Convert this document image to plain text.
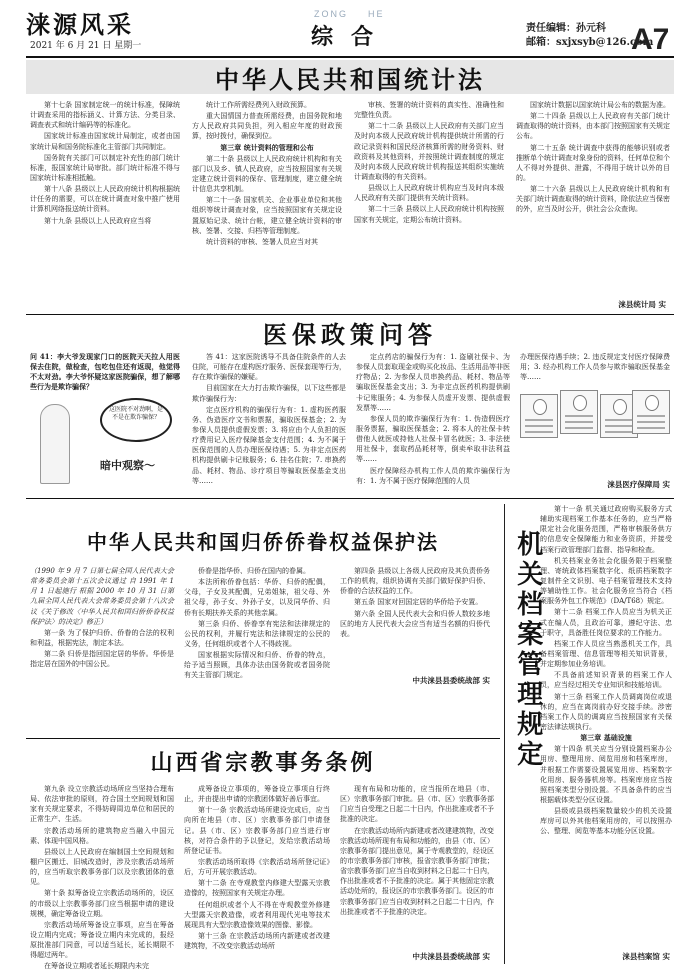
涞源风采
2021 年 6 月 21 日 星期一
ZONG HE
综合	责任编辑：孙元科
邮箱：sxjxsyb@126.com
A7
中华人民共和国统计法

第十七条 国家制定统一的统计标准，保障统计调查采用的指标涵义、计算方法、分类目录、调查表式和统计编码等的标准化。

国家统计标准由国家统计局制定，或者由国家统计局和国务院标准化主管部门共同制定。

国务院有关部门可以制定补充性的部门统计标准，报国家统计局审批。部门统计标准不得与国家统计标准相抵触。

第十八条 县级以上人民政府统计机构根据统计任务的需要，可以在统计调查对象中推广使用计算机网络报送统计资料。

第十九条 县级以上人民政府应当将

统计工作所需经费列入财政预算。

重大国情国力普查所需经费，由国务院和地方人民政府共同负担，列入相应年度的财政预算，按时拨付，确保到位。

第三章 统计资料的管理和公布

第二十条 县级以上人民政府统计机构和有关部门以及乡、镇人民政府，应当按照国家有关规定建立统计资料的保存、管理制度，建立健全统计信息共享机制。

第二十一条 国家机关、企业事业单位和其他组织等统计调查对象，应当按照国家有关规定设置原始记录、统计台帐，建立健全统计资料的审核、签署、交接、归档等管理制度。

统计资料的审核、签署人员应当对其

审核、签署的统计资料的真实性、准确性和完整性负责。

第二十二条 县级以上人民政府有关部门应当及时向本级人民政府统计机构提供统计所需的行政记录资料和国民经济核算所需的财务资料、财政资料及其他资料，并按照统计调查制度的规定及时向本级人民政府统计机构报送其组织实施统计调查取得的有关资料。

县级以上人民政府统计机构应当及时向本级人民政府有关部门提供有关统计资料。

第二十三条 县级以上人民政府统计机构按照国家有关规定，定期公布统计资料。

国家统计数据以国家统计局公布的数据为准。

第二十四条 县级以上人民政府有关部门统计调查取得的统计资料，由本部门按照国家有关规定公布。

第二十五条 统计调查中获得的能够识别或者推断单个统计调查对象身份的资料，任何单位和个人不得对外提供、泄露，不得用于统计以外的目的。

第二十六条 县级以上人民政府统计机构和有关部门统计调查取得的统计资料，除依法应当保密的外，应当及时公开，供社会公众查询。

涞县统计局 实
医保政策问答

问 41：李大爷发现家门口的医院天天拉人用医保去住院，做检查，包吃包住还有返现，他觉得不太对劲。李大爷怀疑这家医院骗保，想了解哪些行为是欺诈骗保？

这医院不对劲啊，是不是在欺诈骗保？
暗中观察～

答 41：这家医院诱导不具备住院条件的人去住院，可能存在虚构医疗服务、医保套现等行为，存在欺诈骗保的嫌疑。

目前国家在大力打击欺诈骗保，以下这些都是欺诈骗保行为：

定点医疗机构的骗保行为有：1. 虚构医药服务、伪造医疗文书和票据，骗取医保基金；2. 为参保人员提供虚假发票；3. 将应由个人负担的医疗费用记入医疗保障基金支付范围；4. 为不属于医保范围的人员办理医保待遇；5. 为非定点医药机构提供刷卡记账服务；6. 挂名住院；7. 串换药品、耗材、物品、诊疗项目等骗取医保基金支出等……

定点药店的骗保行为有：1. 盗刷社保卡、为参保人员套取现金或购买化妆品、生活用品等非医疗物品；2. 为参保人员串换药品、耗材、物品等骗取医保基金支出；3. 为非定点医药机构提供刷卡记账服务；4. 为参保人员虚开发票、提供虚假发票等……

参保人员的欺诈骗保行为有：1. 伪造假医疗服务票据，骗取医保基金；2. 将本人的社保卡转借他人就医或持他人社保卡冒名就医；3. 非法使用社保卡，套取药品耗材等，倒卖牟取非法利益等……

医疗保障经办机构工作人员的欺诈骗保行为有：1. 为不属于医疗保障范围的人员

办理医保待遇手续；2. 违反规定支付医疗保障费用；3. 经办机构工作人员参与欺诈骗取医保基金等……

涞县医疗保障局 实
中华人民共和国归侨侨眷权益保护法

（1990 年 9 月 7 日第七届全国人民代表大会常务委员会第十五次会议通过 自 1991 年 1 月 1 日起施行 根据 2000 年 10 月 31 日第九届全国人民代表大会常务委员会第十八次会议《关于修改〈中华人民共和国归侨侨眷权益保护法〉的决定》修正）

第一条 为了保护归侨、侨眷的合法的权利和利益，根据宪法，制定本法。

第二条 归侨是指回国定居的华侨。华侨是指定居在国外的中国公民。

侨眷是指华侨、归侨在国内的眷属。

本法所称侨眷包括：华侨、归侨的配偶，父母，子女及其配偶，兄弟姐妹，祖父母、外祖父母，孙子女、外孙子女，以及同华侨、归侨有长期扶养关系的其他亲属。

第三条 归侨、侨眷享有宪法和法律规定的公民的权利，并履行宪法和法律规定的公民的义务，任何组织或者个人不得歧视。

国家根据实际情况和归侨、侨眷的特点，给予适当照顾，具体办法由国务院或者国务院有关主管部门规定。

第四条 县级以上各级人民政府及其负责侨务工作的机构，组织协调有关部门做好保护归侨、侨眷的合法权益的工作。

第五条 国家对回国定居的华侨给予安置。

第六条 全国人民代表大会和归侨人数较多地区的地方人民代表大会应当有适当名额的归侨代表。

中共涞县县委统战部 实
山西省宗教事务条例

第九条 设立宗教活动场所应当坚持合理布局、依法审批的原则，符合国土空间规划和国家有关规定要求，不得妨碍周边单位和居民的正常生产、生活。

宗教活动场所的建筑物应当融入中国元素、体现中国风格。

县级以上人民政府在编制国土空间规划和棚户区搬迁、旧城改造时，涉及宗教活动场所的，应当听取宗教事务部门以及宗教团体的意见。

第十条 拟筹备设立宗教活动场所的，设区的市级以上宗教事务部门应当根据申请的建设规模，确定筹备设立期。

宗教活动场所筹备设立事项，应当在筹备设立期内完成；筹备设立期内未完成的，报经原批准部门同意，可以适当延长，延长期限不得超过两年。

在筹备设立期或者延长期限内未完

成筹备设立事项的，筹备设立事项自行终止，并由提出申请的宗教团体做好善后事宜。

第十一条 宗教活动场所建设完成后，应当向所在地县（市、区）宗教事务部门申请登记。县（市、区）宗教事务部门应当进行审核，对符合条件的予以登记，发给宗教活动场所登记证书。

宗教活动场所取得《宗教活动场所登记证》后，方可开展宗教活动。

第十二条 在寺观教堂内修建大型露天宗教造像的，按照国家有关规定办理。

任何组织或者个人不得在寺观教堂外修建大型露天宗教造像，或者利用现代光电等技术展现具有大型宗教造像效果的图像、影像。

第十三条 在宗教活动场所内新建或者改建建筑物，不改变宗教活动场所

现有布局和功能的，应当报所在地县（市、区）宗教事务部门审批。县（市、区）宗教事务部门应当自受理之日起二十日内，作出批准或者不予批准的决定。

在宗教活动场所内新建或者改建建筑物，改变宗教活动场所现有布局和功能的，由县（市、区）宗教事务部门提出意见，属于寺观教堂的，经设区的市宗教事务部门审核，报省宗教事务部门审批；省宗教事务部门应当自收到材料之日起二十日内，作出批准或者不予批准的决定。属于其他固定宗教活动处所的，报设区的市宗教事务部门。设区的市宗教事务部门应当自收到材料之日起二十日内，作出批准或者不予批准的决定。

中共涞县县委统战部 实
机关档案管理规定

第十一条 机关通过政府购买服务方式辅助实现档案工作基本任务的，应当严格限定社会化服务范围，严格审核服务供方的信息安全保障能力和业务资质，并接受档案行政管理部门监督、指导和检查。

机关档案业务社会化服务限于档案整理、寄统政体档案数字化、纸质档案数字复制件全文识别、电子档案管理技术支持等辅助性工作。社会化服务应当符合《档案服务外包工作规范》（DA/T68）规定。

第十二条 档案工作人员应当为机关正式在编人员，且政治可靠，遵纪守法、忠于职守，具备胜任岗位要求的工作能力。

档案工作人员应当熟悉机关工作，具备档案管理、信息管理等相关知识背景，并定期参加业务培训。

不具备前述知识背景的档案工作人员，应当经过相关专业知识和技能培训。

第十三条 档案工作人员调离岗位或退休的，应当在离岗前办好交接手续。涉密档案工作人员的调离应当按照国家有关保密法律法规执行。

第三章 基础设施

第十四条 机关应当分别设置档案办公用房、整理用房、阅览用房和档案库房，并根据工作需要设置展览用房、档案数字化用房、服务器机房等。档案库房应当按照档案类型分别设置。不具备条件的应当根据载体类型分区设置。

县级或县级档案数量较少的机关设置库房可以外其他档案用房的，可以按照办公、整理、阅览等基本功能分区设置。

涞县档案馆 实
